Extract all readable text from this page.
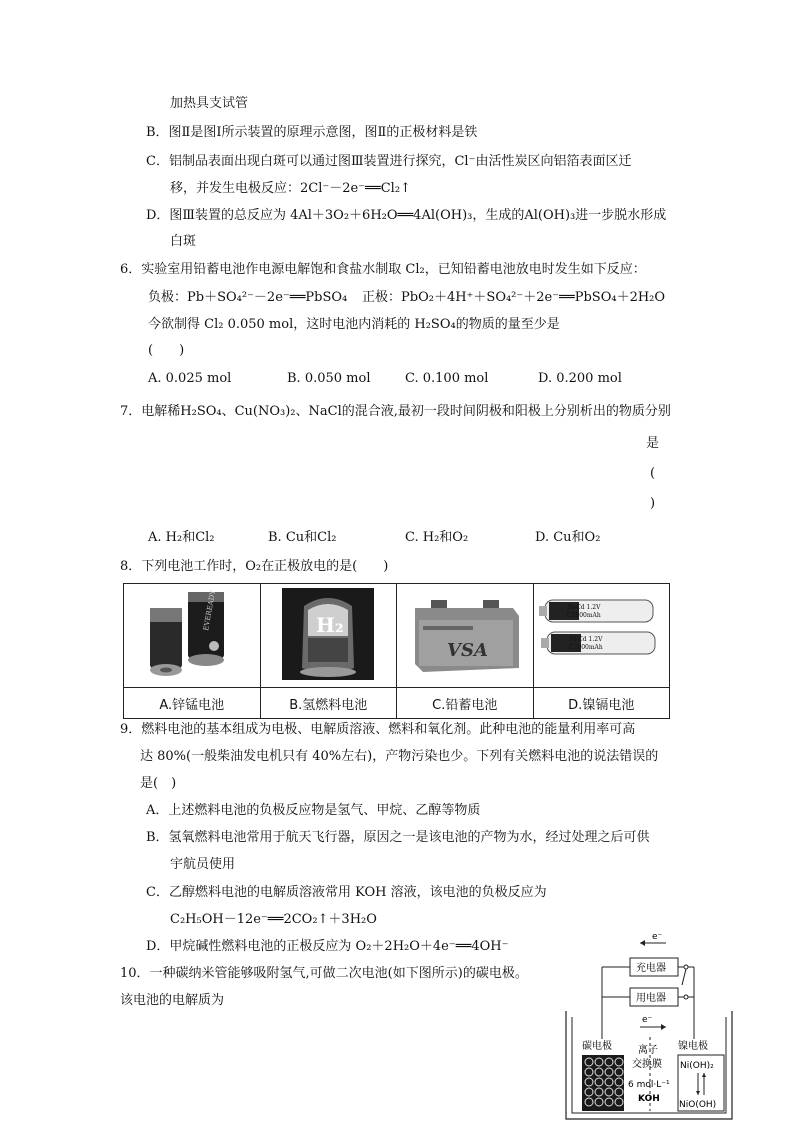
加热具支试管
B．图Ⅱ是图Ⅰ所示装置的原理示意图，图Ⅱ的正极材料是铁
C．铝制品表面出现白斑可以通过图Ⅲ装置进行探究，Cl⁻由活性炭区向铝箔表面区迁
移，并发生电极反应：2Cl⁻－2e⁻══Cl₂↑
D．图Ⅲ装置的总反应为 4Al＋3O₂＋6H₂O══4Al(OH)₃，生成的Al(OH)₃进一步脱水形成
白斑
6．实验室用铅蓄电池作电源电解饱和食盐水制取 Cl₂，已知铅蓄电池放电时发生如下反应：
负极：Pb＋SO₄²⁻－2e⁻══PbSO₄ 正极：PbO₂＋4H⁺＋SO₄²⁻＋2e⁻══PbSO₄＋2H₂O
今欲制得 Cl₂ 0.050 mol，这时电池内消耗的 H₂SO₄的物质的量至少是
(　　)
A. 0.025 mol	B. 0.050 mol	C. 0.100 mol	D. 0.200 mol
7．电解稀H₂SO₄、Cu(NO₃)₂、NaCl的混合液,最初一段时间阴极和阳极上分别析出的物质分别
是
(
)
A. H₂和Cl₂	B. Cu和Cl₂	C. H₂和O₂	D. Cu和O₂
8．下列电池工作时，O₂在正极放电的是(　　)
EVEREADY	H₂	VSA	Ni-Cd 1.2V
C2000mAh
Ni-Cd 1.2V
C2000mAh

A.锌锰电池	B.氢燃料电池	C.铅蓄电池	D.镍镉电池
9．燃料电池的基本组成为电极、电解质溶液、燃料和氧化剂。此种电池的能量利用率可高
达 80%(一般柴油发电机只有 40%左右)，产物污染也少。下列有关燃料电池的说法错误的
是(　)
A．上述燃料电池的负极反应物是氢气、甲烷、乙醇等物质
B．氢氧燃料电池常用于航天飞行器，原因之一是该电池的产物为水，经过处理之后可供
宇航员使用
C．乙醇燃料电池的电解质溶液常用 KOH 溶液，该电池的负极反应为
C₂H₅OH－12e⁻══2CO₂↑＋3H₂O
D．甲烷碱性燃料电池的正极反应为 O₂＋2H₂O＋4e⁻══4OH⁻
10．一种碳纳米管能够吸附氢气,可做二次电池(如下图所示)的碳电极。
该电池的电解质为
e⁻
充电器
用电器
e⁻
碳电极	离子
交换膜
6 mol·L⁻¹
KOH
镍电极
Ni(OH)₂
NiO(OH)
